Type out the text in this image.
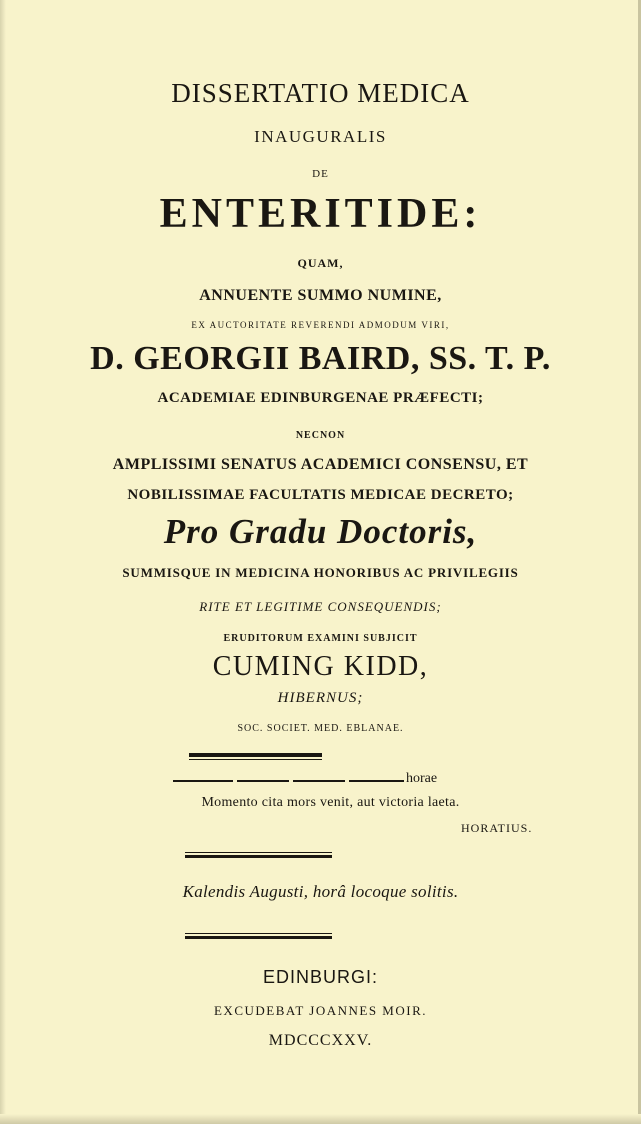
DISSERTATIO MEDICA
INAUGURALIS
DE
ENTERITIDE:
QUAM,
ANNUENTE SUMMO NUMINE,
EX AUCTORITATE REVERENDI ADMODUM VIRI,
D. GEORGII BAIRD, SS. T. P.
ACADEMIAE EDINBURGENAE PRÆFECTI;
NECNON
AMPLISSIMI SENATUS ACADEMICI CONSENSU, ET
NOBILISSIMAE FACULTATIS MEDICAE DECRETO;
Pro Gradu Doctoris,
SUMMISQUE IN MEDICINA HONORIBUS AC PRIVILEGIIS
RITE ET LEGITIME CONSEQUENDIS;
ERUDITORUM EXAMINI SUBJICIT
CUMING KIDD,
HIBERNUS;
SOC. SOCIET. MED. EBLANAE.
horae
Momento cita mors venit, aut victoria laeta.
HORATIUS.
Kalendis Augusti, horâ locoque solitis.
EDINBURGI:
EXCUDEBAT JOANNES MOIR.
MDCCCXXV.
